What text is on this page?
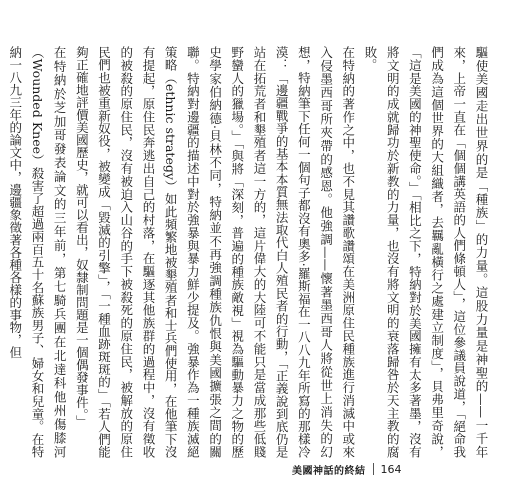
驅使美國走出世界的是「種族」的力量。這股力量是神聖的——一千年來，上帝一直在「個個講英語的人們條頓人」，這位參議員說道，「絕命我們成為這個世界的大組織者，去羈亂橫行之處建立制度」，貝弗里奇說，「這是美國的神聖使命。」「相比之下，特納對於美國擁有太多著墨，沒有將文明的成就歸功於新教的力量，也沒有將文明的衰落歸咎於天主教的腐敗。

在特納的著作之中，也不見其讚歌讚頌在美洲原住民種族進行消滅中或來入侵墨西哥所夾帶的感恩。他強調——懷著墨西哥人將從世上消失的幻想，特納筆下任何一個句子都沒有奧多·羅斯福在一八八九年所寫的那樣冷漠：「邊疆戰爭的基本本質無法取代白人殖民者的行動，「正義說到底仍是站在拓荒者和墾殖者這一方的，這片偉大的大陸可不能只是當成那些低賤野蠻人的獵場。」「與將「深刻，普遍的種族敵視」視為驅動暴力之物的歷史學家伯納德·貝林不同，特納並不再強調種族仇恨與美國擴張之間的關聯。特納對邊疆的描述中對於強暴與暴力鮮少提及。強暴作為一種族滅絕策略（ethnic strategy）如此頻繁地被墾殖者和士兵們使用，在他筆下沒有提起，原住民奔逃出自己的村落，在驅逐其他族群的過程中，沒有徵收的被殺的原住民，沒有被迫入山谷的手下被殺死的原住民，被解放的原住民們也被重新奴役，被變成「毀滅的引擎」，「一種血跡斑斑的」「若人們能夠正確地評價美國歷史，就可以看出，奴隸制問題是一個偶發事件。」

在特納於芝加哥發表論文的三年前，第七騎兵團在北達科他州傷膝河（Wounded Knee）殺害了超過兩百五十名蘇族男子、婦女和兒童。在特納一八九三年的論文中，邊疆象徵著各種各樣的事物，但

美國神話的終結 164
